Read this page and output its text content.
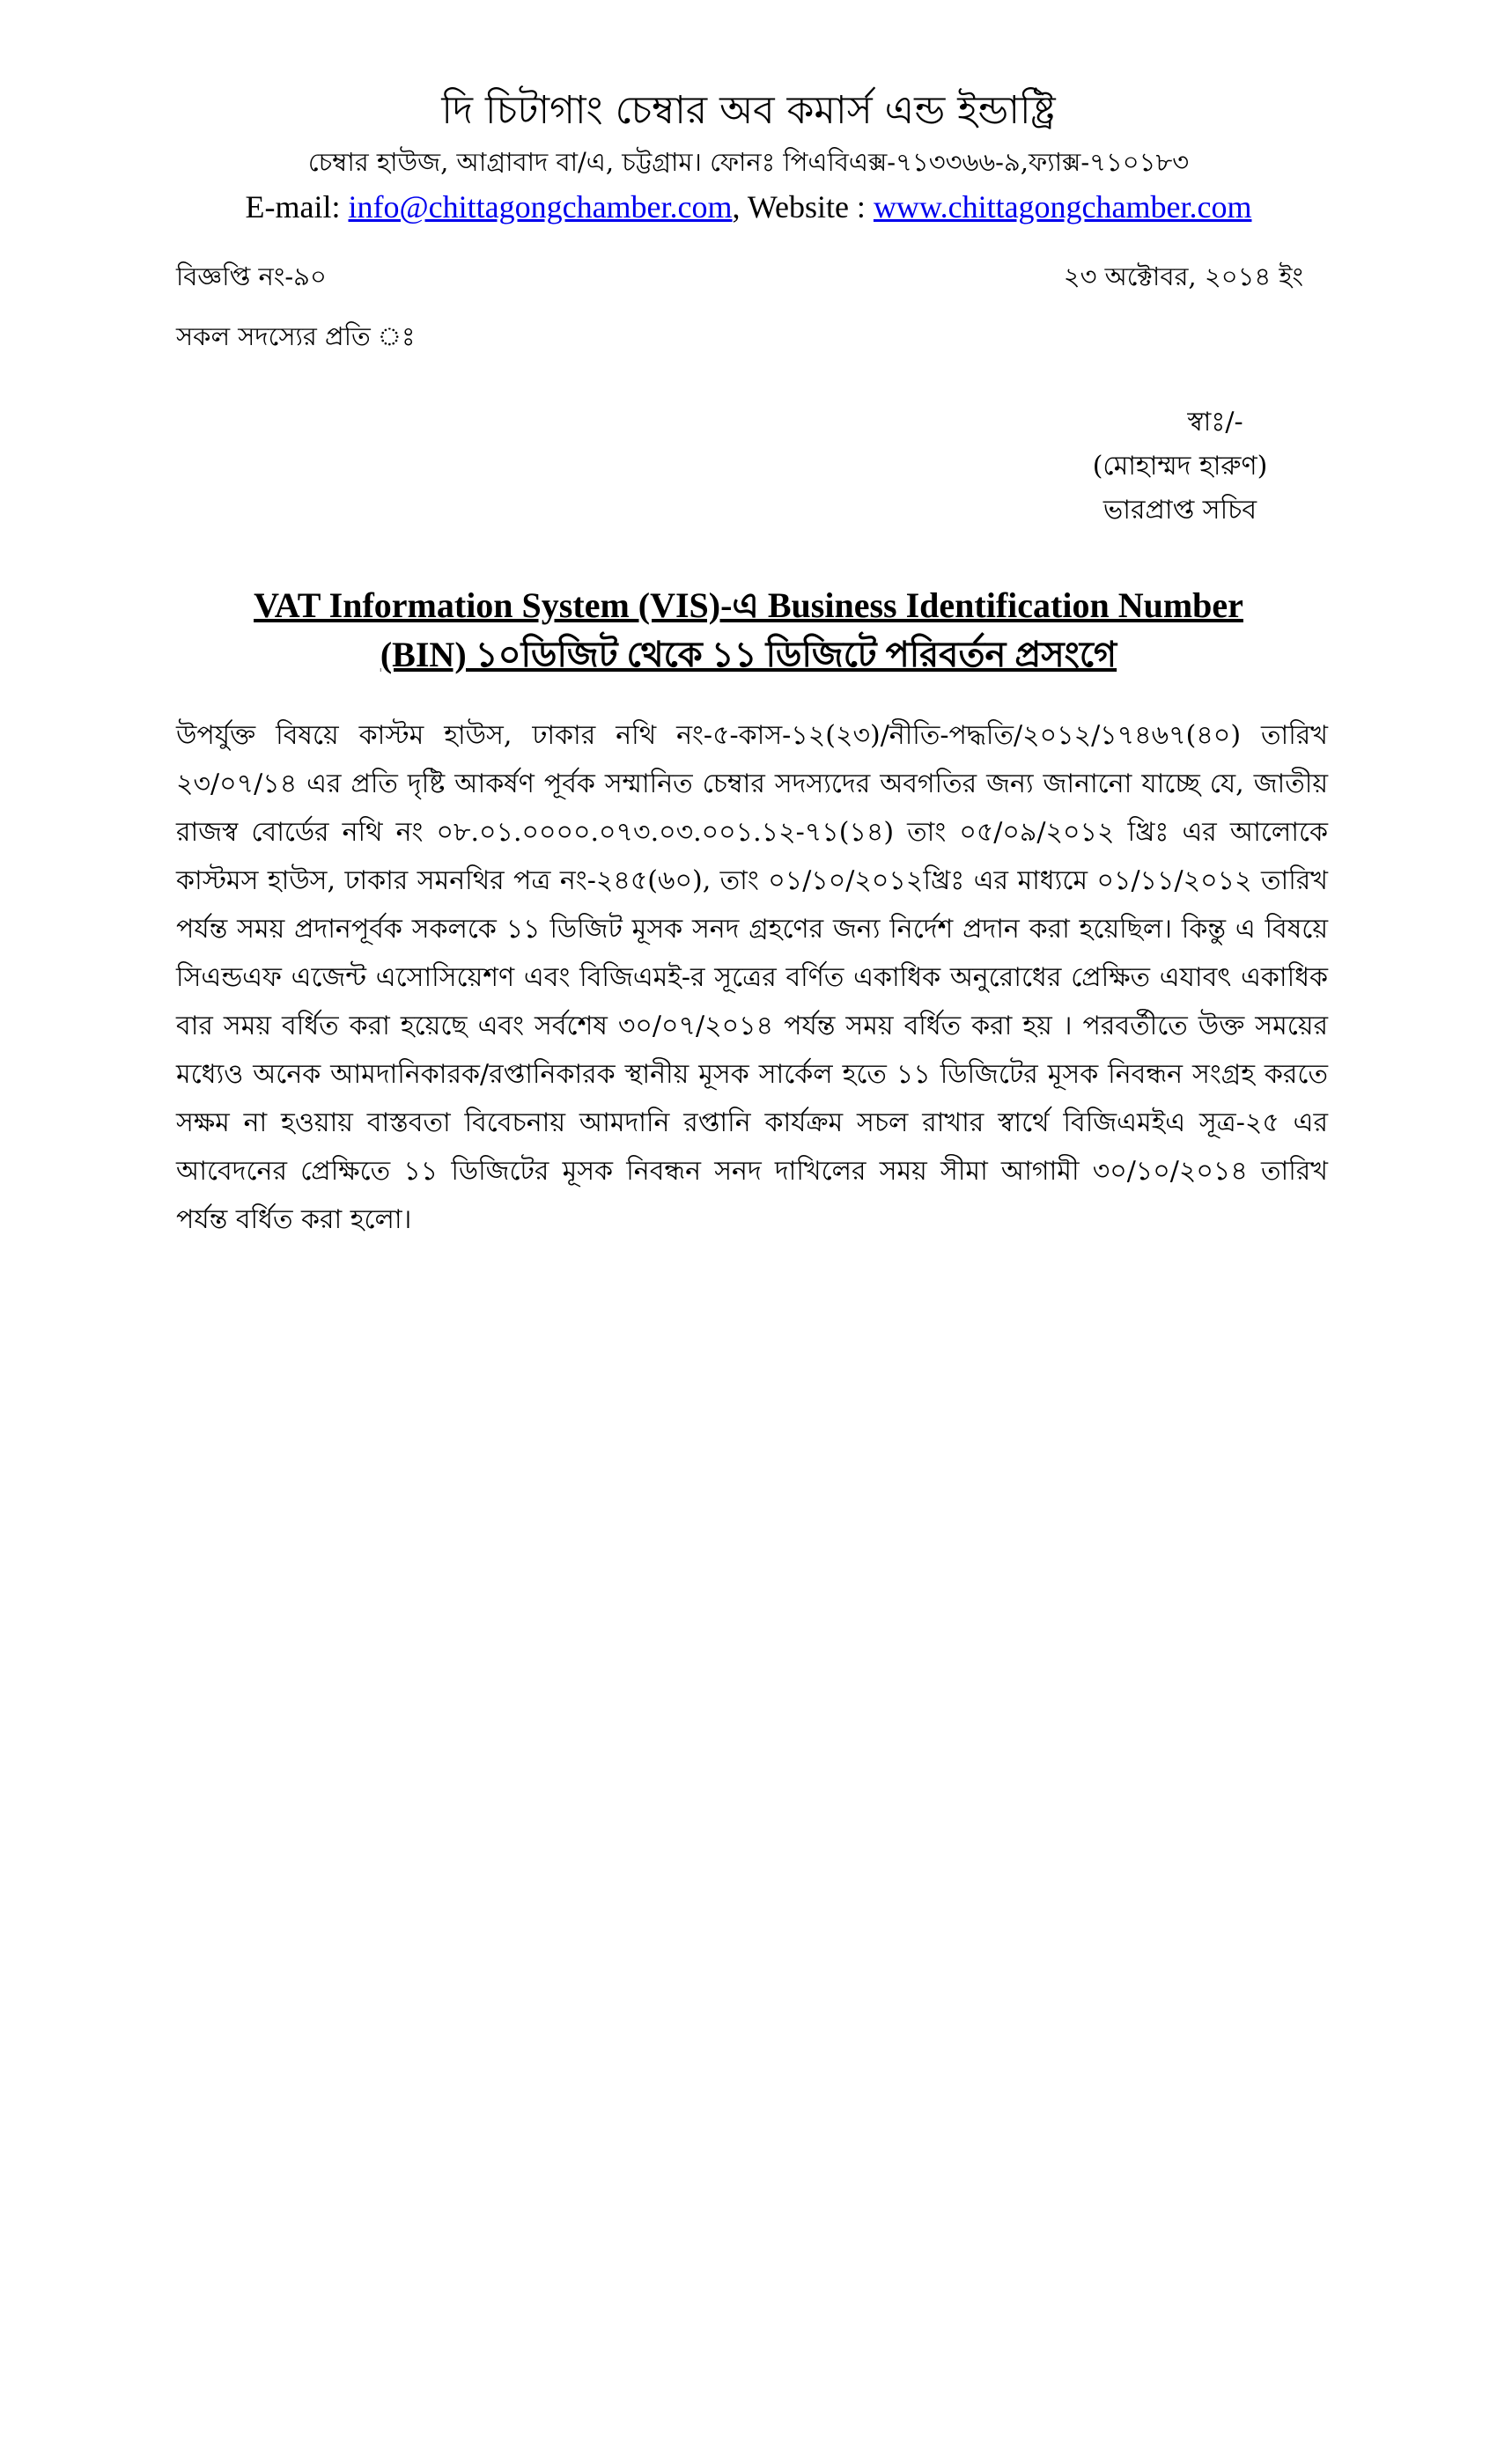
দি চিটাগাং চেম্বার অব কমার্স এন্ড ইন্ডাষ্ট্রি
চেম্বার হাউজ, আগ্রাবাদ বা/এ, চট্টগ্রাম। ফোনঃ পিএবিএক্স-৭১৩৩৬৬-৯,ফ্যাক্স-৭১০১৮৩
E-mail: info@chittagongchamber.com, Website : www.chittagongchamber.com
বিজ্ঞপ্তি নং-৯০	২৩ অক্টোবর, ২০১৪ ইং
সকল সদস্যের প্রতি ঃ
স্বাঃ/-
(মোহাম্মদ হারুণ)
ভারপ্রাপ্ত সচিব
VAT Information System (VIS)-এ Business Identification Number
(BIN) ১০ডিজিট থেকে ১১ ডিজিটে পরিবর্তন প্রসংগে
উপর্যুক্ত বিষয়ে কাস্টম হাউস, ঢাকার নথি নং-৫-কাস-১২(২৩)/নীতি-পদ্ধতি/২০১২/১৭৪৬৭(৪০) তারিখ ২৩/০৭/১৪ এর প্রতি দৃষ্টি আকর্ষণ পূর্বক সম্মানিত চেম্বার সদস্যদের অবগতির জন্য জানানো যাচ্ছে যে, জাতীয় রাজস্ব বোর্ডের নথি নং ০৮.০১.০০০০.০৭৩.০৩.০০১.১২-৭১(১৪) তাং ০৫/০৯/২০১২ খ্রিঃ এর আলোকে কাস্টমস হাউস, ঢাকার সমনথির পত্র নং-২৪৫(৬০), তাং ০১/১০/২০১২খ্রিঃ এর মাধ্যমে ০১/১১/২০১২ তারিখ পর্যন্ত সময় প্রদানপূর্বক সকলকে ১১ ডিজিট মূসক সনদ গ্রহণের জন্য নির্দেশ প্রদান করা হয়েছিল। কিন্তু এ বিষয়ে সিএন্ডএফ এজেন্ট এসোসিয়েশণ এবং বিজিএমই-র সূত্রের বর্ণিত একাধিক অনুরোধের প্রেক্ষিত এযাবৎ একাধিক বার সময় বর্ধিত করা হয়েছে এবং সর্বশেষ ৩০/০৭/২০১৪ পর্যন্ত সময় বর্ধিত করা হয় । পরবর্তীতে উক্ত সময়ের মধ্যেও অনেক আমদানিকারক/রপ্তানিকারক স্থানীয় মূসক সার্কেল হতে ১১ ডিজিটের মূসক নিবন্ধন সংগ্রহ করতে সক্ষম না হওয়ায় বাস্তবতা বিবেচনায় আমদানি রপ্তানি কার্যক্রম সচল রাখার স্বার্থে বিজিএমইএ সূত্র-২৫ এর আবেদনের প্রেক্ষিতে ১১ ডিজিটের মূসক নিবন্ধন সনদ দাখিলের সময় সীমা আগামী ৩০/১০/২০১৪ তারিখ পর্যন্ত বর্ধিত করা হলো।
